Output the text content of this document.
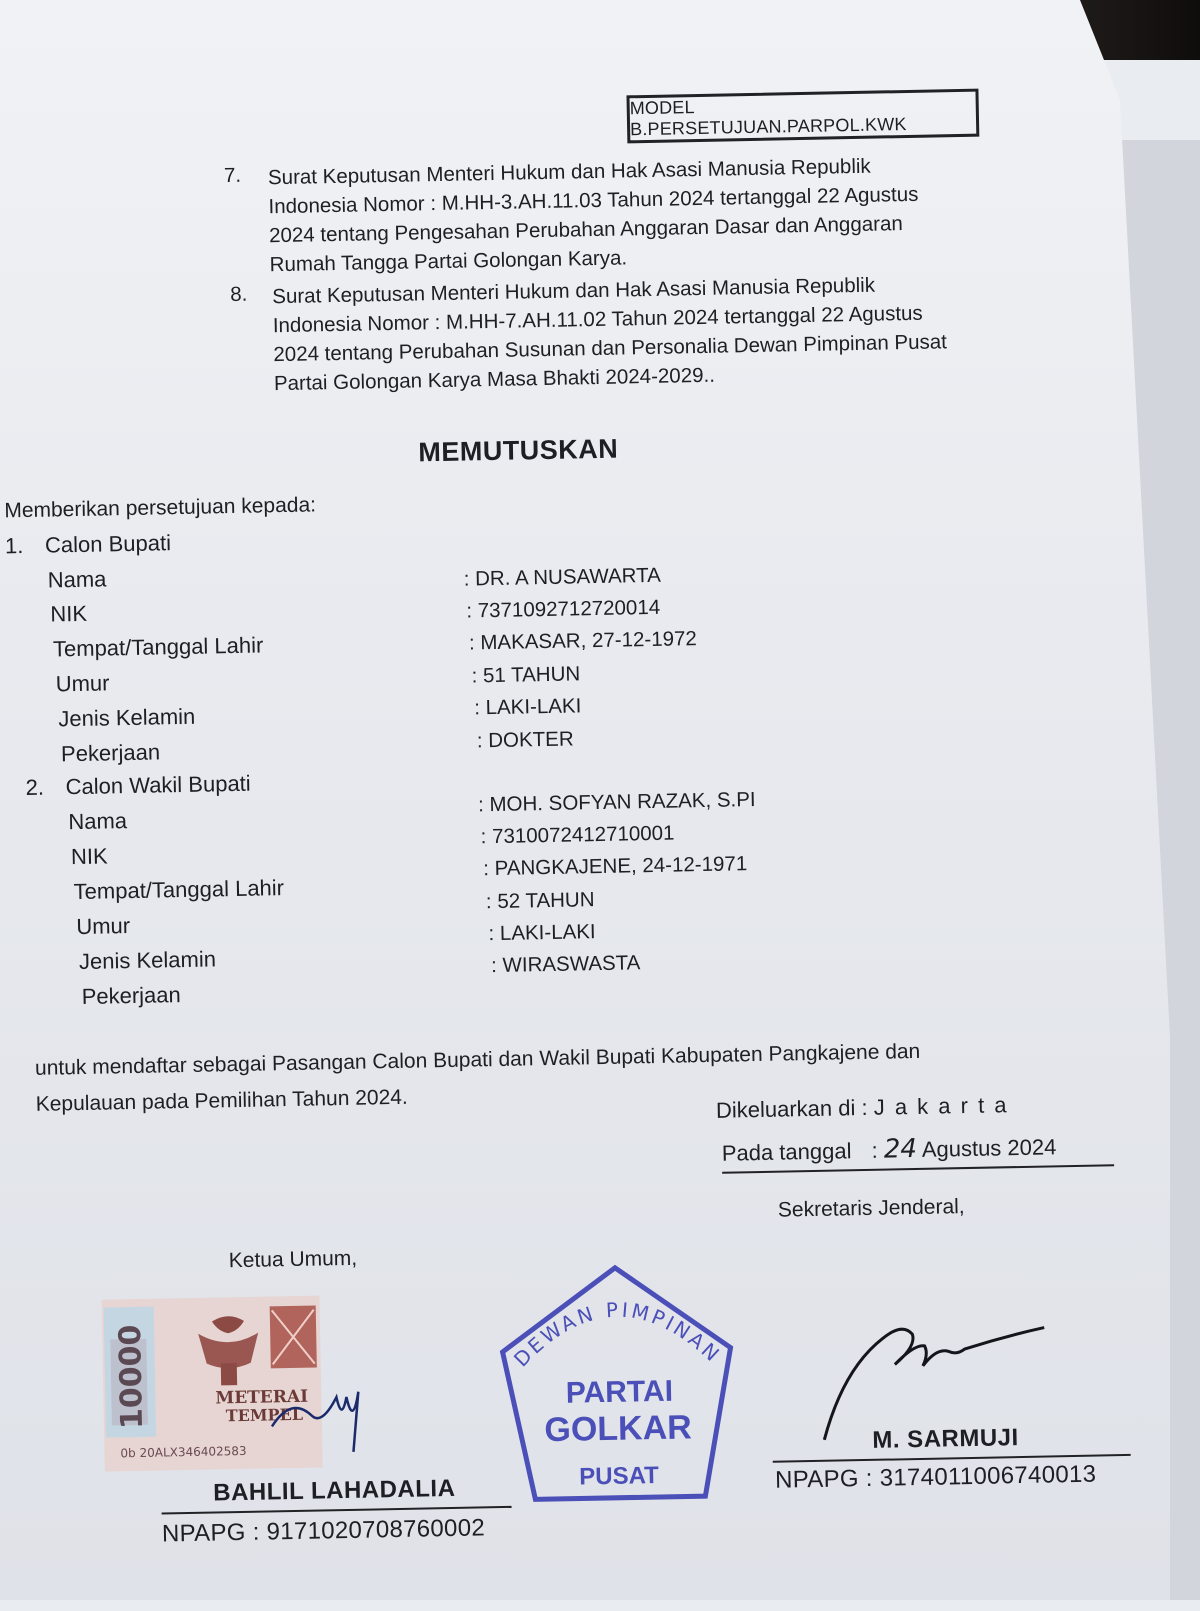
MODEL B.PERSETUJUAN.PARPOL.KWK
7. Surat Keputusan Menteri Hukum dan Hak Asasi Manusia Republik
Indonesia Nomor : M.HH-3.AH.11.03 Tahun 2024 tertanggal 22 Agustus
2024 tentang Pengesahan Perubahan Anggaran Dasar dan Anggaran
Rumah Tangga Partai Golongan Karya.
8. Surat Keputusan Menteri Hukum dan Hak Asasi Manusia Republik
Indonesia Nomor : M.HH-7.AH.11.02 Tahun 2024 tertanggal 22 Agustus
2024 tentang Perubahan Susunan dan Personalia Dewan Pimpinan Pusat
Partai Golongan Karya Masa Bhakti 2024-2029..
MEMUTUSKAN
Memberikan persetujuan kepada:
1. Calon Bupati
Nama
NIK
Tempat/Tanggal Lahir
Umur
Jenis Kelamin
Pekerjaan
: DR. A NUSAWARTA
: 7371092712720014
: MAKASAR, 27-12-1972
: 51 TAHUN
: LAKI-LAKI
: DOKTER
2. Calon Wakil Bupati
Nama
NIK
Tempat/Tanggal Lahir
Umur
Jenis Kelamin
Pekerjaan
: MOH. SOFYAN RAZAK, S.PI
: 7310072412710001
: PANGKAJENE, 24-12-1971
: 52 TAHUN
: LAKI-LAKI
: WIRASWASTA
untuk mendaftar sebagai Pasangan Calon Bupati dan Wakil Bupati Kabupaten Pangkajene dan
Kepulauan pada Pemilihan Tahun 2024.	Dikeluarkan di : J a k a r t a
Pada tanggal : 24 Agustus 2024
Sekretaris Jenderal,
Ketua Umum,
10000	METERAI
TEMPEL
0b 20ALX346402583
BAHLIL LAHADALIA
NPAPG : 9171020708760002
DEWAN PIMPINAN
PARTAI
GOLKAR
PUSAT
M. SARMUJI
NPAPG : 3174011006740013
